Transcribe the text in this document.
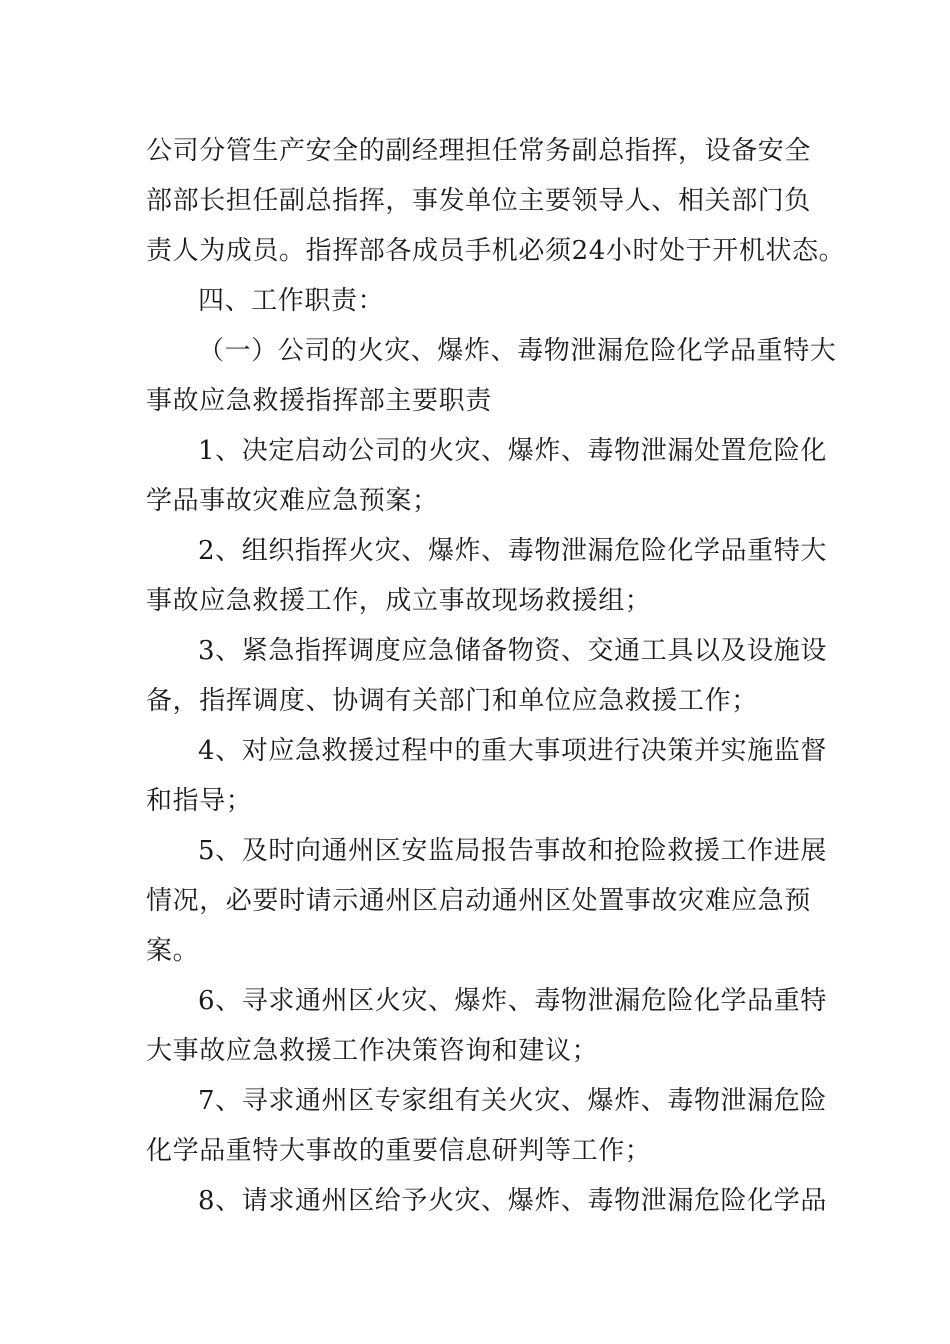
公司分管生产安全的副经理担任常务副总指挥，设备安全
部部长担任副总指挥，事发单位主要领导人、相关部门负
责人为成员。指挥部各成员手机必须24小时处于开机状态。
四、工作职责：
（一）公司的火灾、爆炸、毒物泄漏危险化学品重特大
事故应急救援指挥部主要职责
1、决定启动公司的火灾、爆炸、毒物泄漏处置危险化
学品事故灾难应急预案；
2、组织指挥火灾、爆炸、毒物泄漏危险化学品重特大
事故应急救援工作，成立事故现场救援组；
3、紧急指挥调度应急储备物资、交通工具以及设施设
备，指挥调度、协调有关部门和单位应急救援工作；
4、对应急救援过程中的重大事项进行决策并实施监督
和指导；
5、及时向通州区安监局报告事故和抢险救援工作进展
情况，必要时请示通州区启动通州区处置事故灾难应急预
案。
6、寻求通州区火灾、爆炸、毒物泄漏危险化学品重特
大事故应急救援工作决策咨询和建议；
7、寻求通州区专家组有关火灾、爆炸、毒物泄漏危险
化学品重特大事故的重要信息研判等工作；
8、请求通州区给予火灾、爆炸、毒物泄漏危险化学品
